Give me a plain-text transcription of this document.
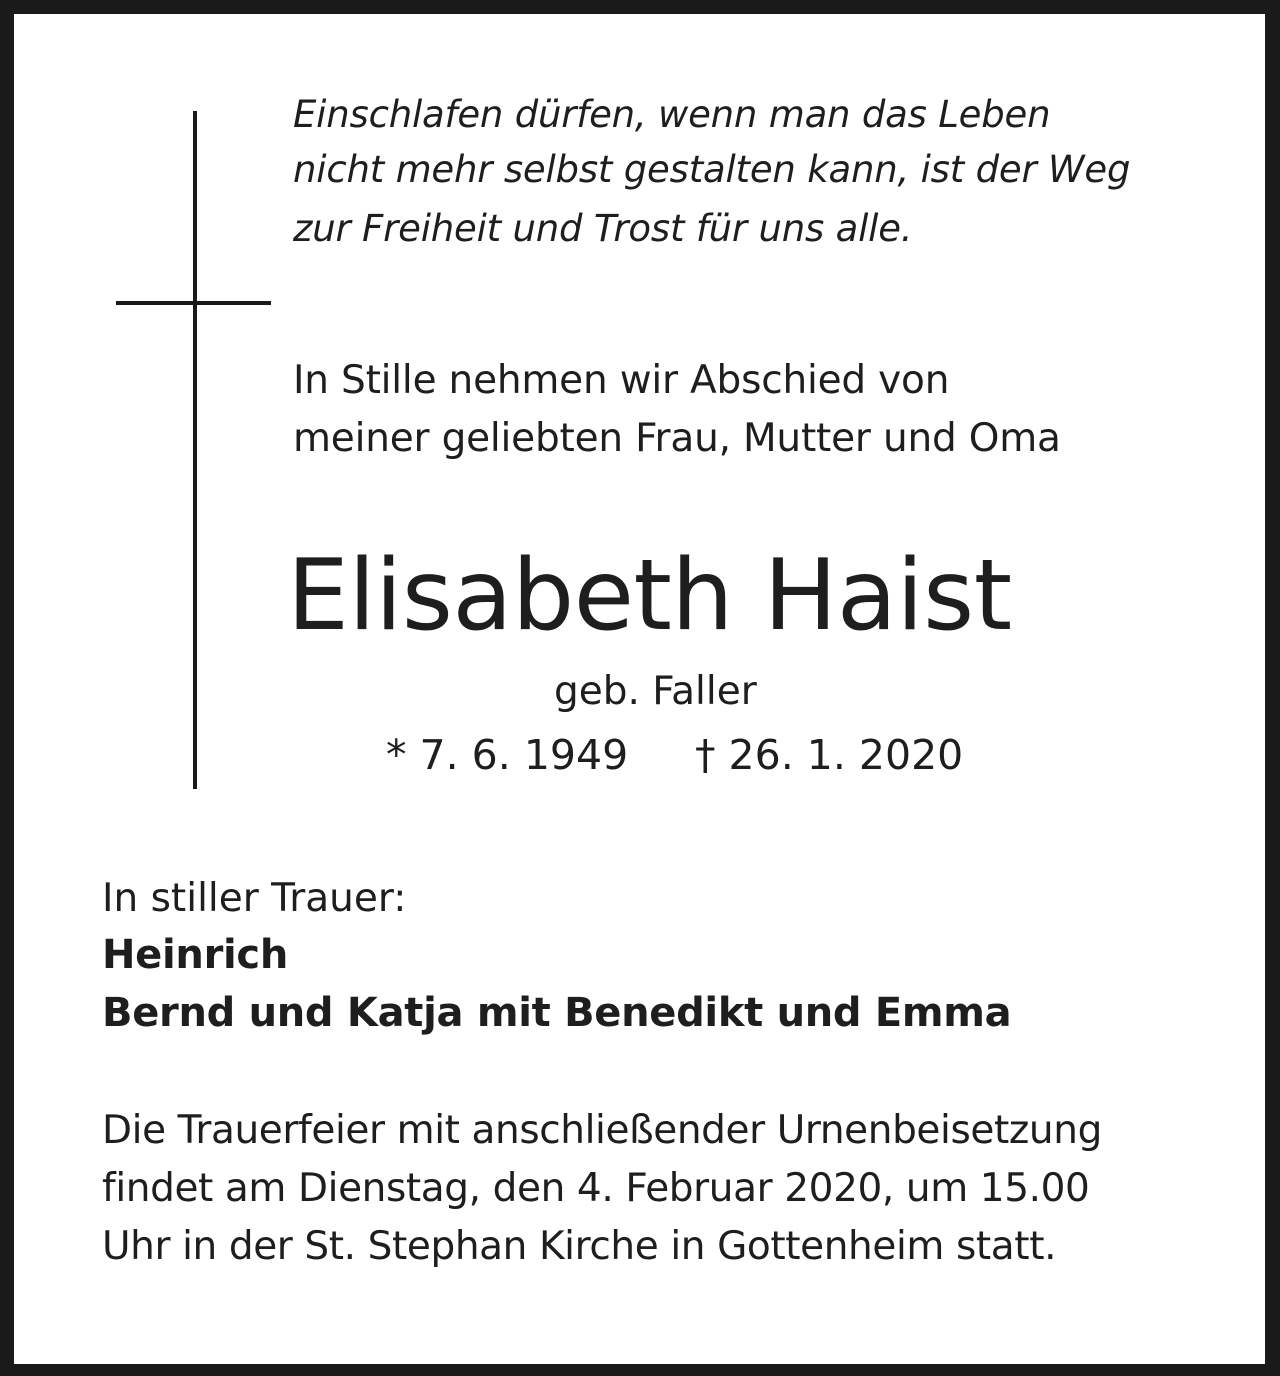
Einschlafen dürfen, wenn man das Leben

nicht mehr selbst gestalten kann, ist der Weg

zur Freiheit und Trost für uns alle.

In Stille nehmen wir Abschied von

meiner geliebten Frau, Mutter und Oma

Elisabeth Haist

geb. Faller

* 7. 6. 1949 † 26. 1. 2020

In stiller Trauer:

Heinrich

Bernd und Katja mit Benedikt und Emma

Die Trauerfeier mit anschließender Urnenbeisetzung

findet am Dienstag, den 4. Februar 2020, um 15.00

Uhr in der St. Stephan Kirche in Gottenheim statt.
